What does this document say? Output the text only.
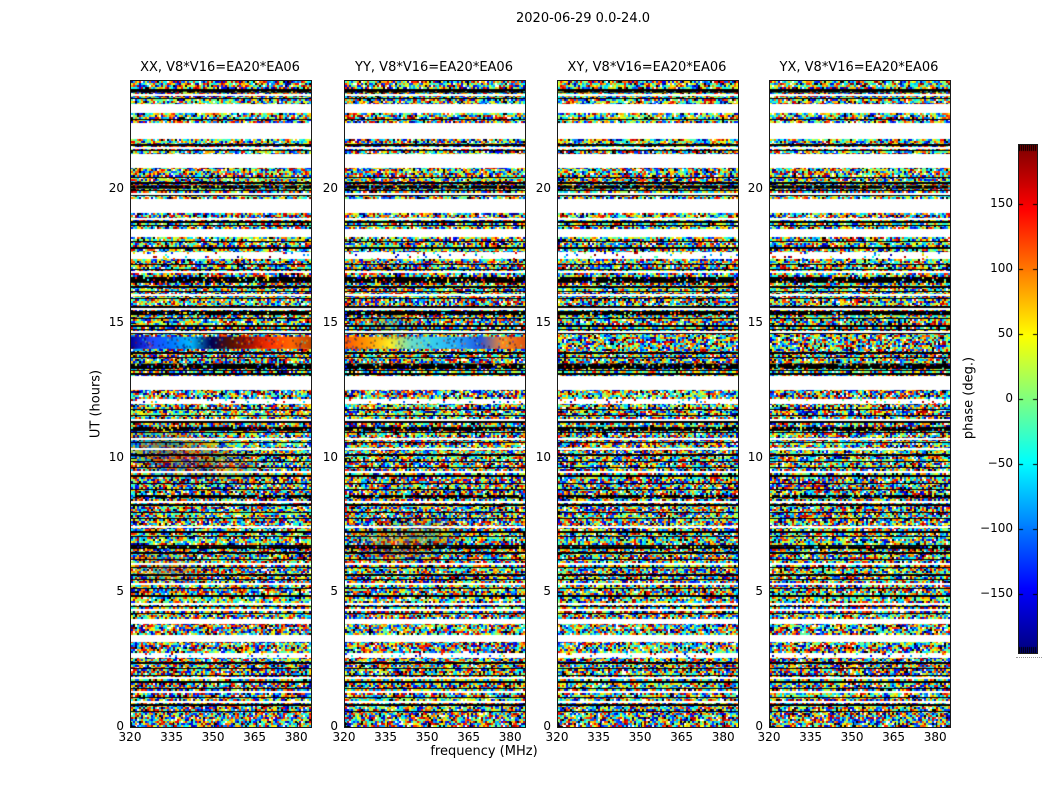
2020-06-29 0.0-24.0
XX, V8*V16=EA20*EA06
0
5
10
15
20
320 335 350 365 380
YY, V8*V16=EA20*EA06
0
5
10
15
20
320 335 350 365 380
XY, V8*V16=EA20*EA06
0
5
10
15
20
320 335 350 365 380
YX, V8*V16=EA20*EA06
0
5
10
15
20
320 335 350 365 380
150
100
50
0
−50
−100
−150
frequency (MHz)
UT (hours)	phase (deg.)
